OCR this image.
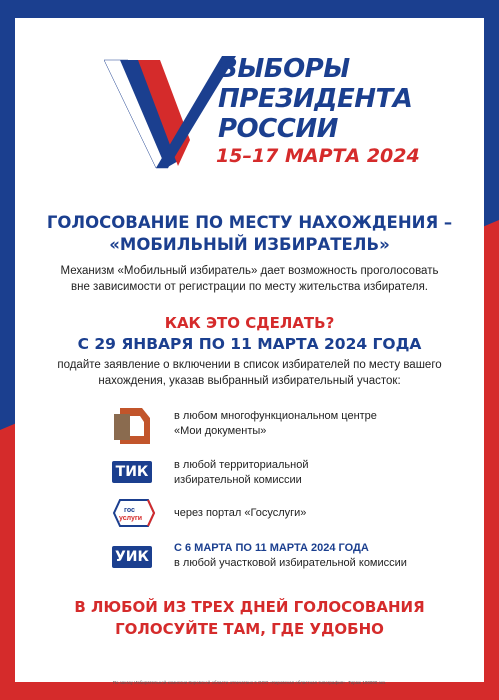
ВЫБОРЫ
ПРЕЗИДЕНТА
РОССИИ
15–17 МАРТА 2024
ГОЛОСОВАНИЕ ПО МЕСТУ НАХОЖДЕНИЯ –
«МОБИЛЬНЫЙ ИЗБИРАТЕЛЬ»
Механизм «Мобильный избиратель» дает возможность проголосовать
вне зависимости от регистрации по месту жительства избирателя.
КАК ЭТО СДЕЛАТЬ?
С 29 ЯНВАРЯ ПО 11 МАРТА 2024 ГОДА
подайте заявление о включении в список избирателей по месту вашего
нахождения, указав выбранный избирательный участок:
в любом многофункциональном центре
«Мои документы»
ТИК	в любой территориальной
избирательной комиссии
гос
услуги	через портал «Госуслуги»
УИК
С 6 МАРТА ПО 11 МАРТА 2024 ГОДА
в любой участковой избирательной комиссии
В ЛЮБОЙ ИЗ ТРЕХ ДНЕЙ ГОЛОСОВАНИЯ
ГОЛОСУЙТЕ ТАМ, ГДЕ УДОБНО
По заказу Избирательной комиссии Кировской области отпечатано в ООО «Кировская областная типография». Тираж 100000 экз.
